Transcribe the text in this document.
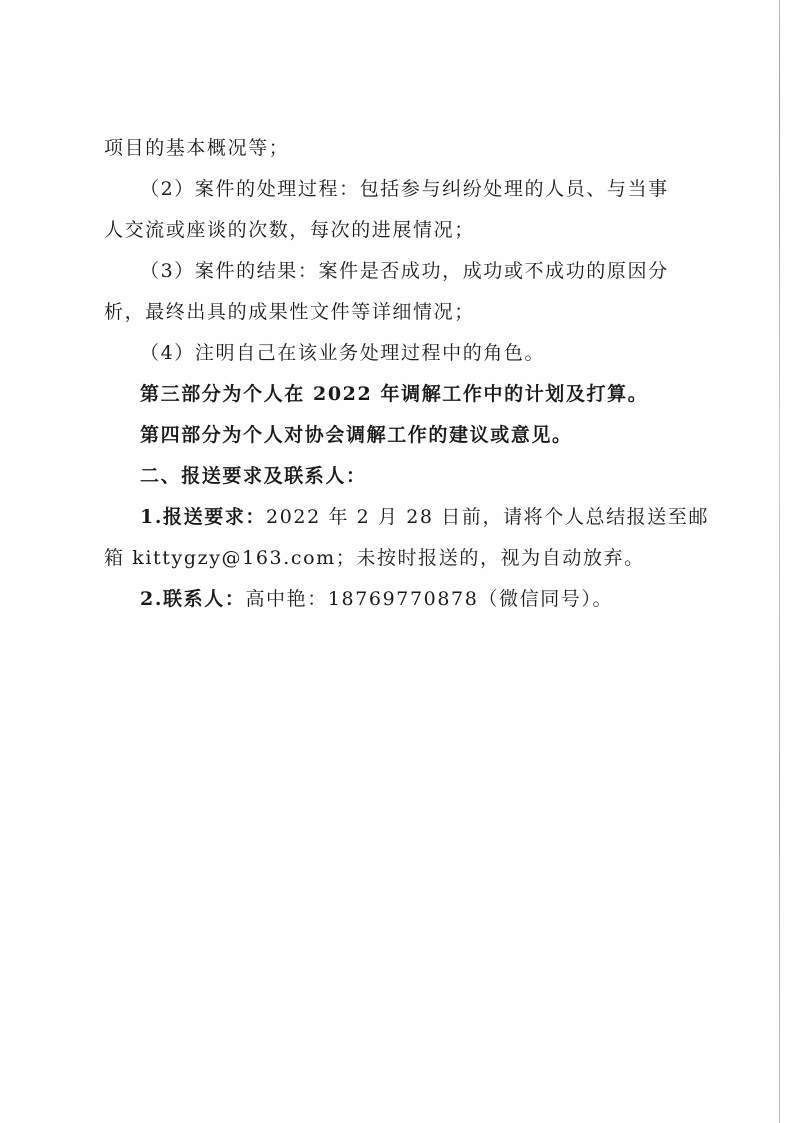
项目的基本概况等；
（2）案件的处理过程：包括参与纠纷处理的人员、与当事
人交流或座谈的次数，每次的进展情况；
（3）案件的结果：案件是否成功，成功或不成功的原因分
析，最终出具的成果性文件等详细情况；
（4）注明自己在该业务处理过程中的角色。
第三部分为个人在 2022 年调解工作中的计划及打算。
第四部分为个人对协会调解工作的建议或意见。
二、报送要求及联系人：
1.报送要求：2022 年 2 月 28 日前，请将个人总结报送至邮
箱 kittygzy@163.com；未按时报送的，视为自动放弃。
2.联系人：高中艳：18769770878（微信同号）。
